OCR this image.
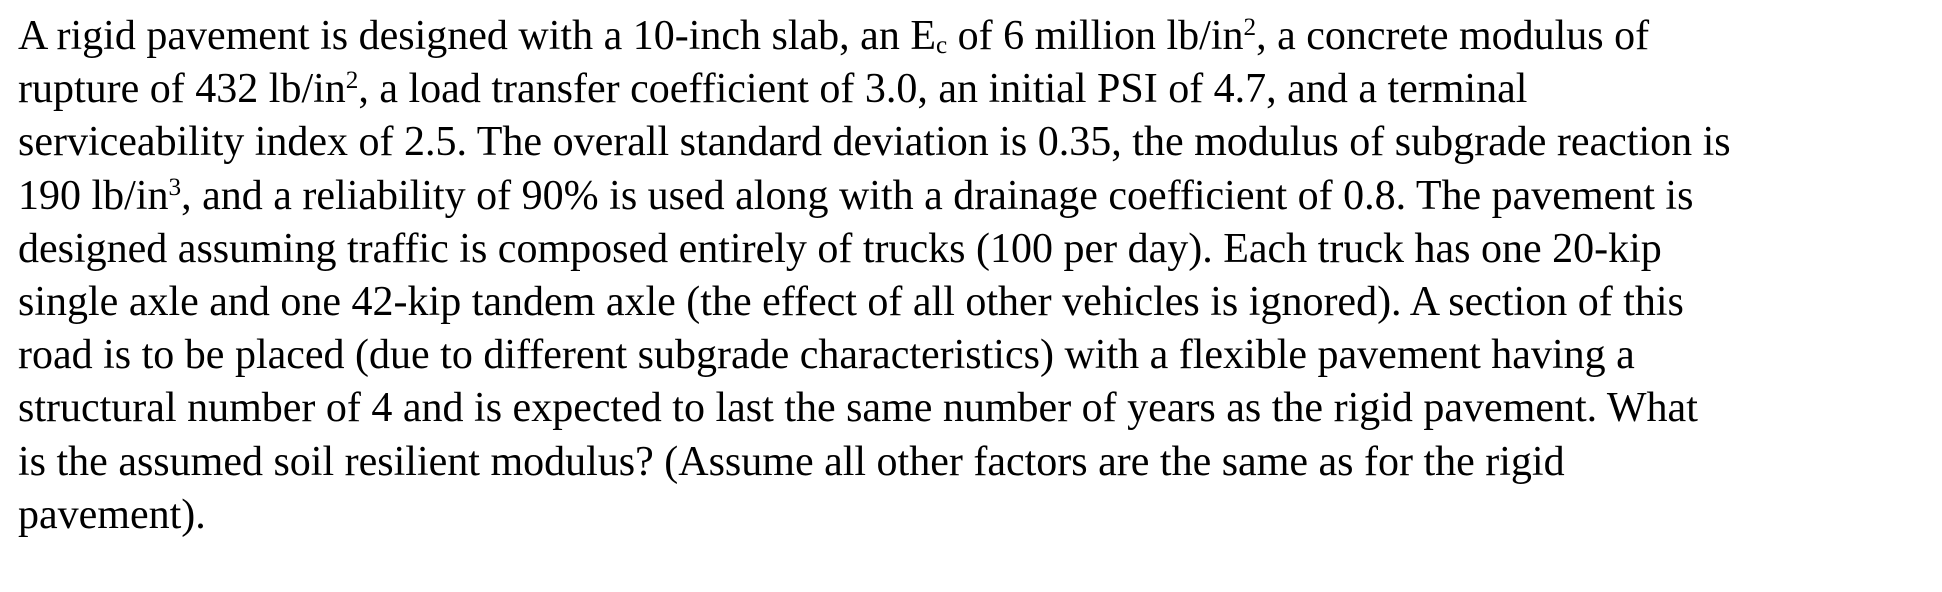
A rigid pavement is designed with a 10-inch slab, an $E_c$ of 6 million $lb/in^2$, a concrete modulus of
rupture of 432 $lb/in^2$, a load transfer coefficient of 3.0, an initial PSI of 4.7, and a terminal
serviceability index of 2.5. The overall standard deviation is 0.35, the modulus of subgrade reaction is
190 $lb/in^3$, and a reliability of 90% is used along with a drainage coefficient of 0.8. The pavement is
designed assuming traffic is composed entirely of trucks (100 per day). Each truck has one 20-kip
single axle and one 42-kip tandem axle (the effect of all other vehicles is ignored). A section of this
road is to be placed (due to different subgrade characteristics) with a flexible pavement having a
structural number of 4 and is expected to last the same number of years as the rigid pavement. What
is the assumed soil resilient modulus? (Assume all other factors are the same as for the rigid
pavement).
